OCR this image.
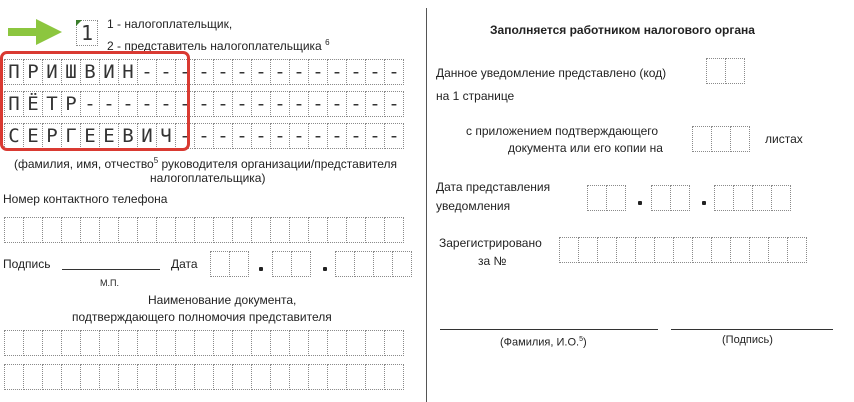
1	1 - налогоплательщик,
2 - представитель налогоплательщика $^6$
П Р И Ш В И Н - - - - - - - - - - - - - -
П Ё Т Р - - - - - - - - - - - - - - - - -
С Е Р Г Е Е В И Ч - - - - - - - - - - - -
(фамилия, имя, отчество$^5$ руководителя организации/представителя
налогоплательщика)
Номер контактного телефона
Подпись
М.П.
Дата
Наименование документа,
подтверждающего полномочия представителя
Заполняется работником налогового органа
Данное уведомление представлено (код)
на 1 странице
с приложением подтверждающего
документа или его копии на
листах
Дата представления
уведомления
Зарегистрировано
за №
(Фамилия, И.О.$^5$)	(Подпись)
